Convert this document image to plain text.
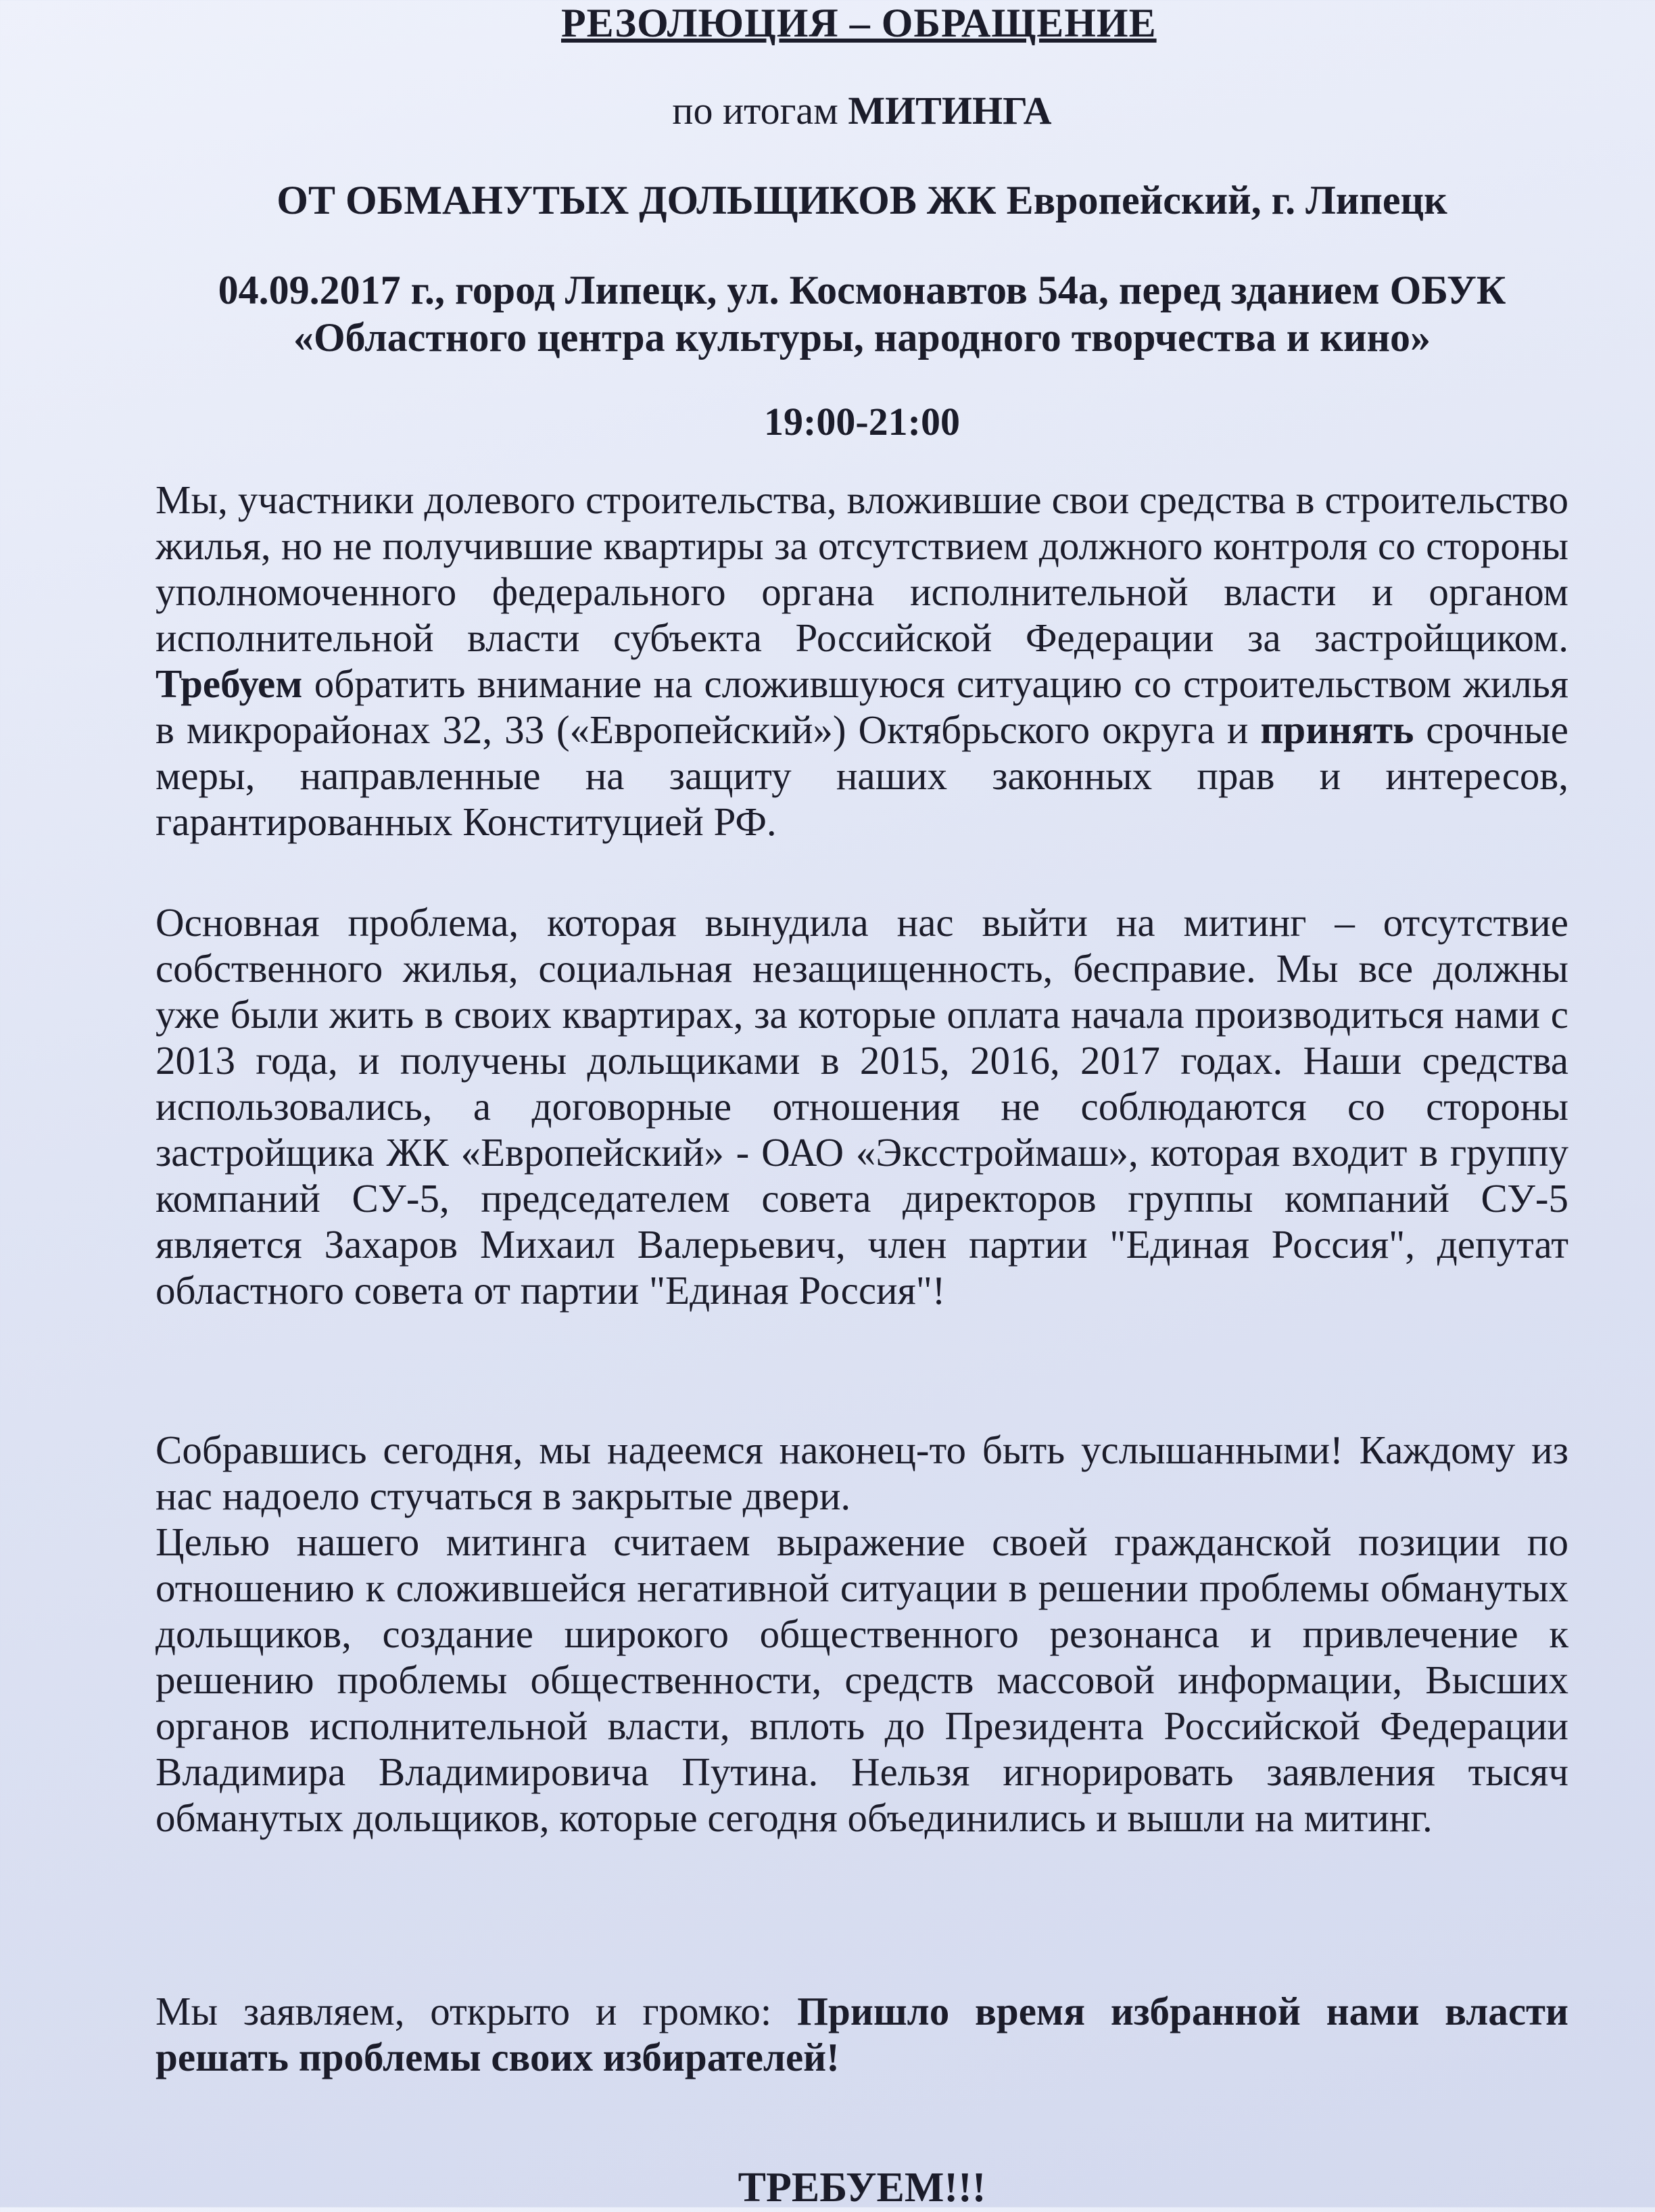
РЕЗОЛЮЦИЯ – ОБРАЩЕНИЕ
по итогам МИТИНГА
ОТ ОБМАНУТЫХ ДОЛЬЩИКОВ ЖК Европейский, г. Липецк
04.09.2017 г., город Липецк, ул. Космонавтов 54а, перед зданием ОБУК
«Областного центра культуры, народного творчества и кино»
19:00-21:00

Мы, участники долевого строительства, вложившие свои средства в строительство жилья, но не получившие квартиры за отсутствием должного контроля со стороны уполномоченного федерального органа исполнительной власти и органом исполнительной власти субъекта Российской Федерации за застройщиком. Требуем обратить внимание на сложившуюся ситуацию со строительством жилья в микрорайонах 32, 33 («Европейский») Октябрьского округа и принять срочные меры, направленные на защиту наших законных прав и интересов, гарантированных Конституцией РФ.

Основная проблема, которая вынудила нас выйти на митинг – отсутствие собственного жилья, социальная незащищенность, бесправие. Мы все должны уже были жить в своих квартирах, за которые оплата начала производиться нами с 2013 года, и получены дольщиками в 2015, 2016, 2017 годах. Наши средства использовались, а договорные отношения не соблюдаются со стороны застройщика ЖК «Европейский» - ОАО «Эксстроймаш», которая входит в группу компаний СУ-5, председателем совета директоров группы компаний СУ-5 является Захаров Михаил Валерьевич, член партии "Единая Россия", депутат областного совета от партии "Единая Россия"!

Собравшись сегодня, мы надеемся наконец-то быть услышанными! Каждому из нас надоело стучаться в закрытые двери.
Целью нашего митинга считаем выражение своей гражданской позиции по отношению к сложившейся негативной ситуации в решении проблемы обманутых дольщиков, создание широкого общественного резонанса и привлечение к решению проблемы общественности, средств массовой информации, Высших органов исполнительной власти, вплоть до Президента Российской Федерации Владимира Владимировича Путина. Нельзя игнорировать заявления тысяч обманутых дольщиков, которые сегодня объединились и вышли на митинг.

Мы заявляем, открыто и громко: Пришло время избранной нами власти решать проблемы своих избирателей!

ТРЕБУЕМ!!!
